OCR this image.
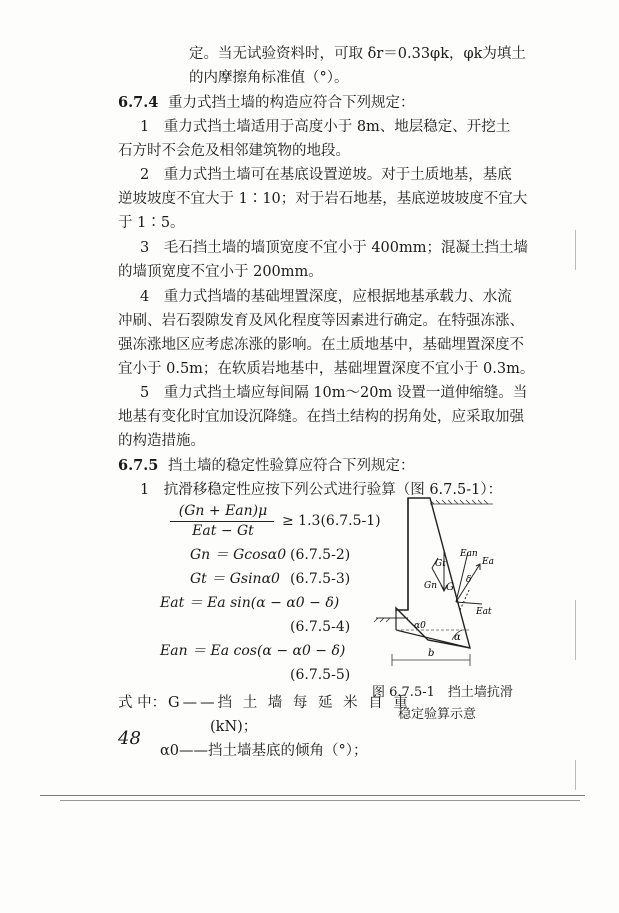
定。当无试验资料时，可取 δr＝0.33φk，φk为填土
的内摩擦角标准值（°）。
6.7.4 重力式挡土墙的构造应符合下列规定：
1　重力式挡土墙适用于高度小于 8m、地层稳定、开挖土
石方时不会危及相邻建筑物的地段。
2　重力式挡土墙可在基底设置逆坡。对于土质地基，基底
逆坡坡度不宜大于 1∶10；对于岩石地基，基底逆坡坡度不宜大
于 1∶5。
3　毛石挡土墙的墙顶宽度不宜小于 400mm；混凝土挡土墙
的墙顶宽度不宜小于 200mm。
4　重力式挡墙的基础埋置深度，应根据地基承载力、水流
冲刷、岩石裂隙发育及风化程度等因素进行确定。在特强冻涨、
强冻涨地区应考虑冻涨的影响。在土质地基中，基础埋置深度不
宜小于 0.5m；在软质岩地基中，基础埋置深度不宜小于 0.3m。
5　重力式挡土墙应每间隔 10m～20m 设置一道伸缩缝。当
地基有变化时宜加设沉降缝。在挡土结构的拐角处，应采取加强
的构造措施。
6.7.5 挡土墙的稳定性验算应符合下列规定：
1　抗滑移稳定性应按下列公式进行验算（图 6.7.5-1）：
(Gn + Ean)μ
Eat − Gt
≥ 1.3(6.7.5-1)
Gn ＝ Gcosα0 (6.7.5-2)
Gt ＝ Gsinα0 (6.7.5-3)
Eat ＝ Ea sin(α − α0 − δ)
(6.7.5-4)
Ean ＝ Ea cos(α − α0 − δ)
(6.7.5-5)
式 中： G——挡 土 墙 每 延 米 自 重
(kN)；
α0——挡土墙基底的倾角（°）；
Gt
Gn G
Ean
Ea
δ
Eat
α
α0
b
图 6.7.5-1　挡土墙抗滑
稳定验算示意
48
